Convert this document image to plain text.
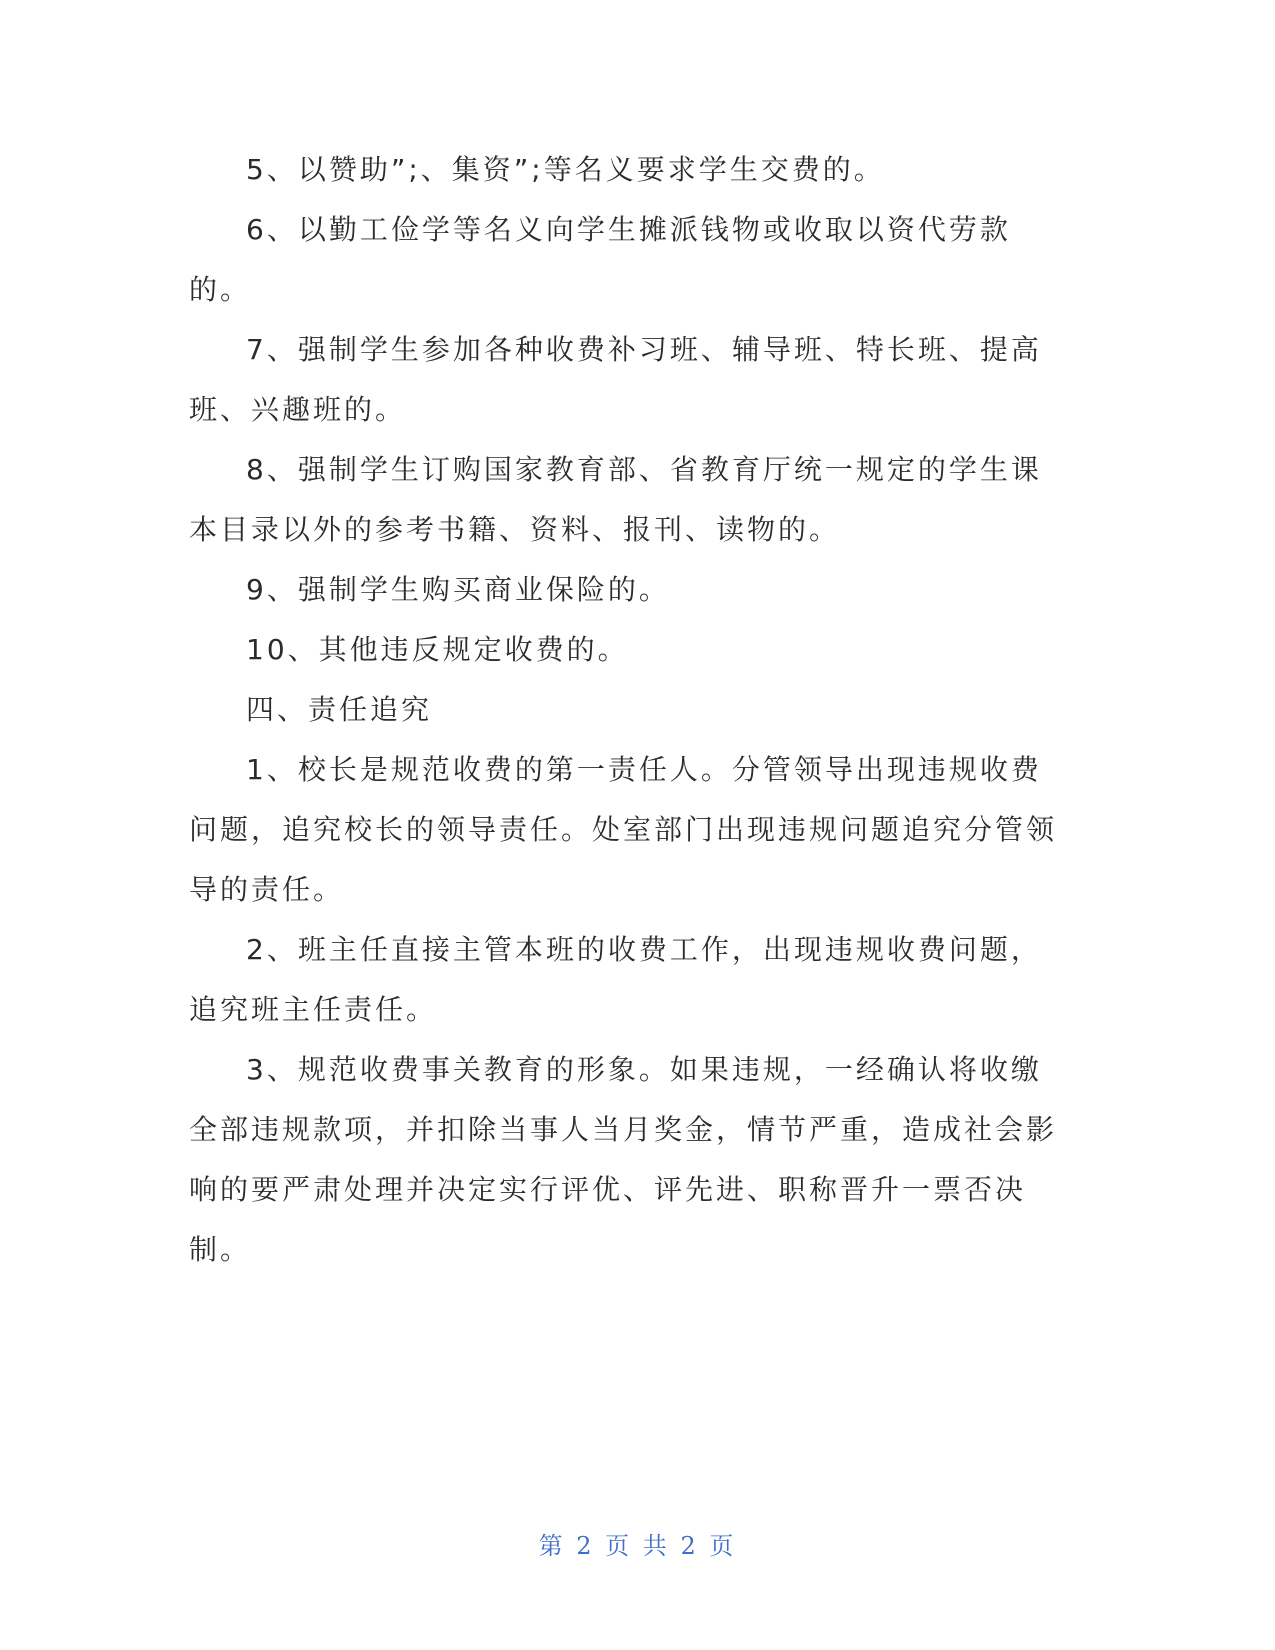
5、以赞助”;、集资”;等名义要求学生交费的。

6、以勤工俭学等名义向学生摊派钱物或收取以资代劳款的。

7、强制学生参加各种收费补习班、辅导班、特长班、提高班、兴趣班的。

8、强制学生订购国家教育部、省教育厅统一规定的学生课本目录以外的参考书籍、资料、报刊、读物的。

9、强制学生购买商业保险的。

10、其他违反规定收费的。

四、责任追究

1、校长是规范收费的第一责任人。分管领导出现违规收费问题，追究校长的领导责任。处室部门出现违规问题追究分管领导的责任。

2、班主任直接主管本班的收费工作，出现违规收费问题，追究班主任责任。

3、规范收费事关教育的形象。如果违规，一经确认将收缴全部违规款项，并扣除当事人当月奖金，情节严重，造成社会影响的要严肃处理并决定实行评优、评先进、职称晋升一票否决制。

第 2 页 共 2 页
